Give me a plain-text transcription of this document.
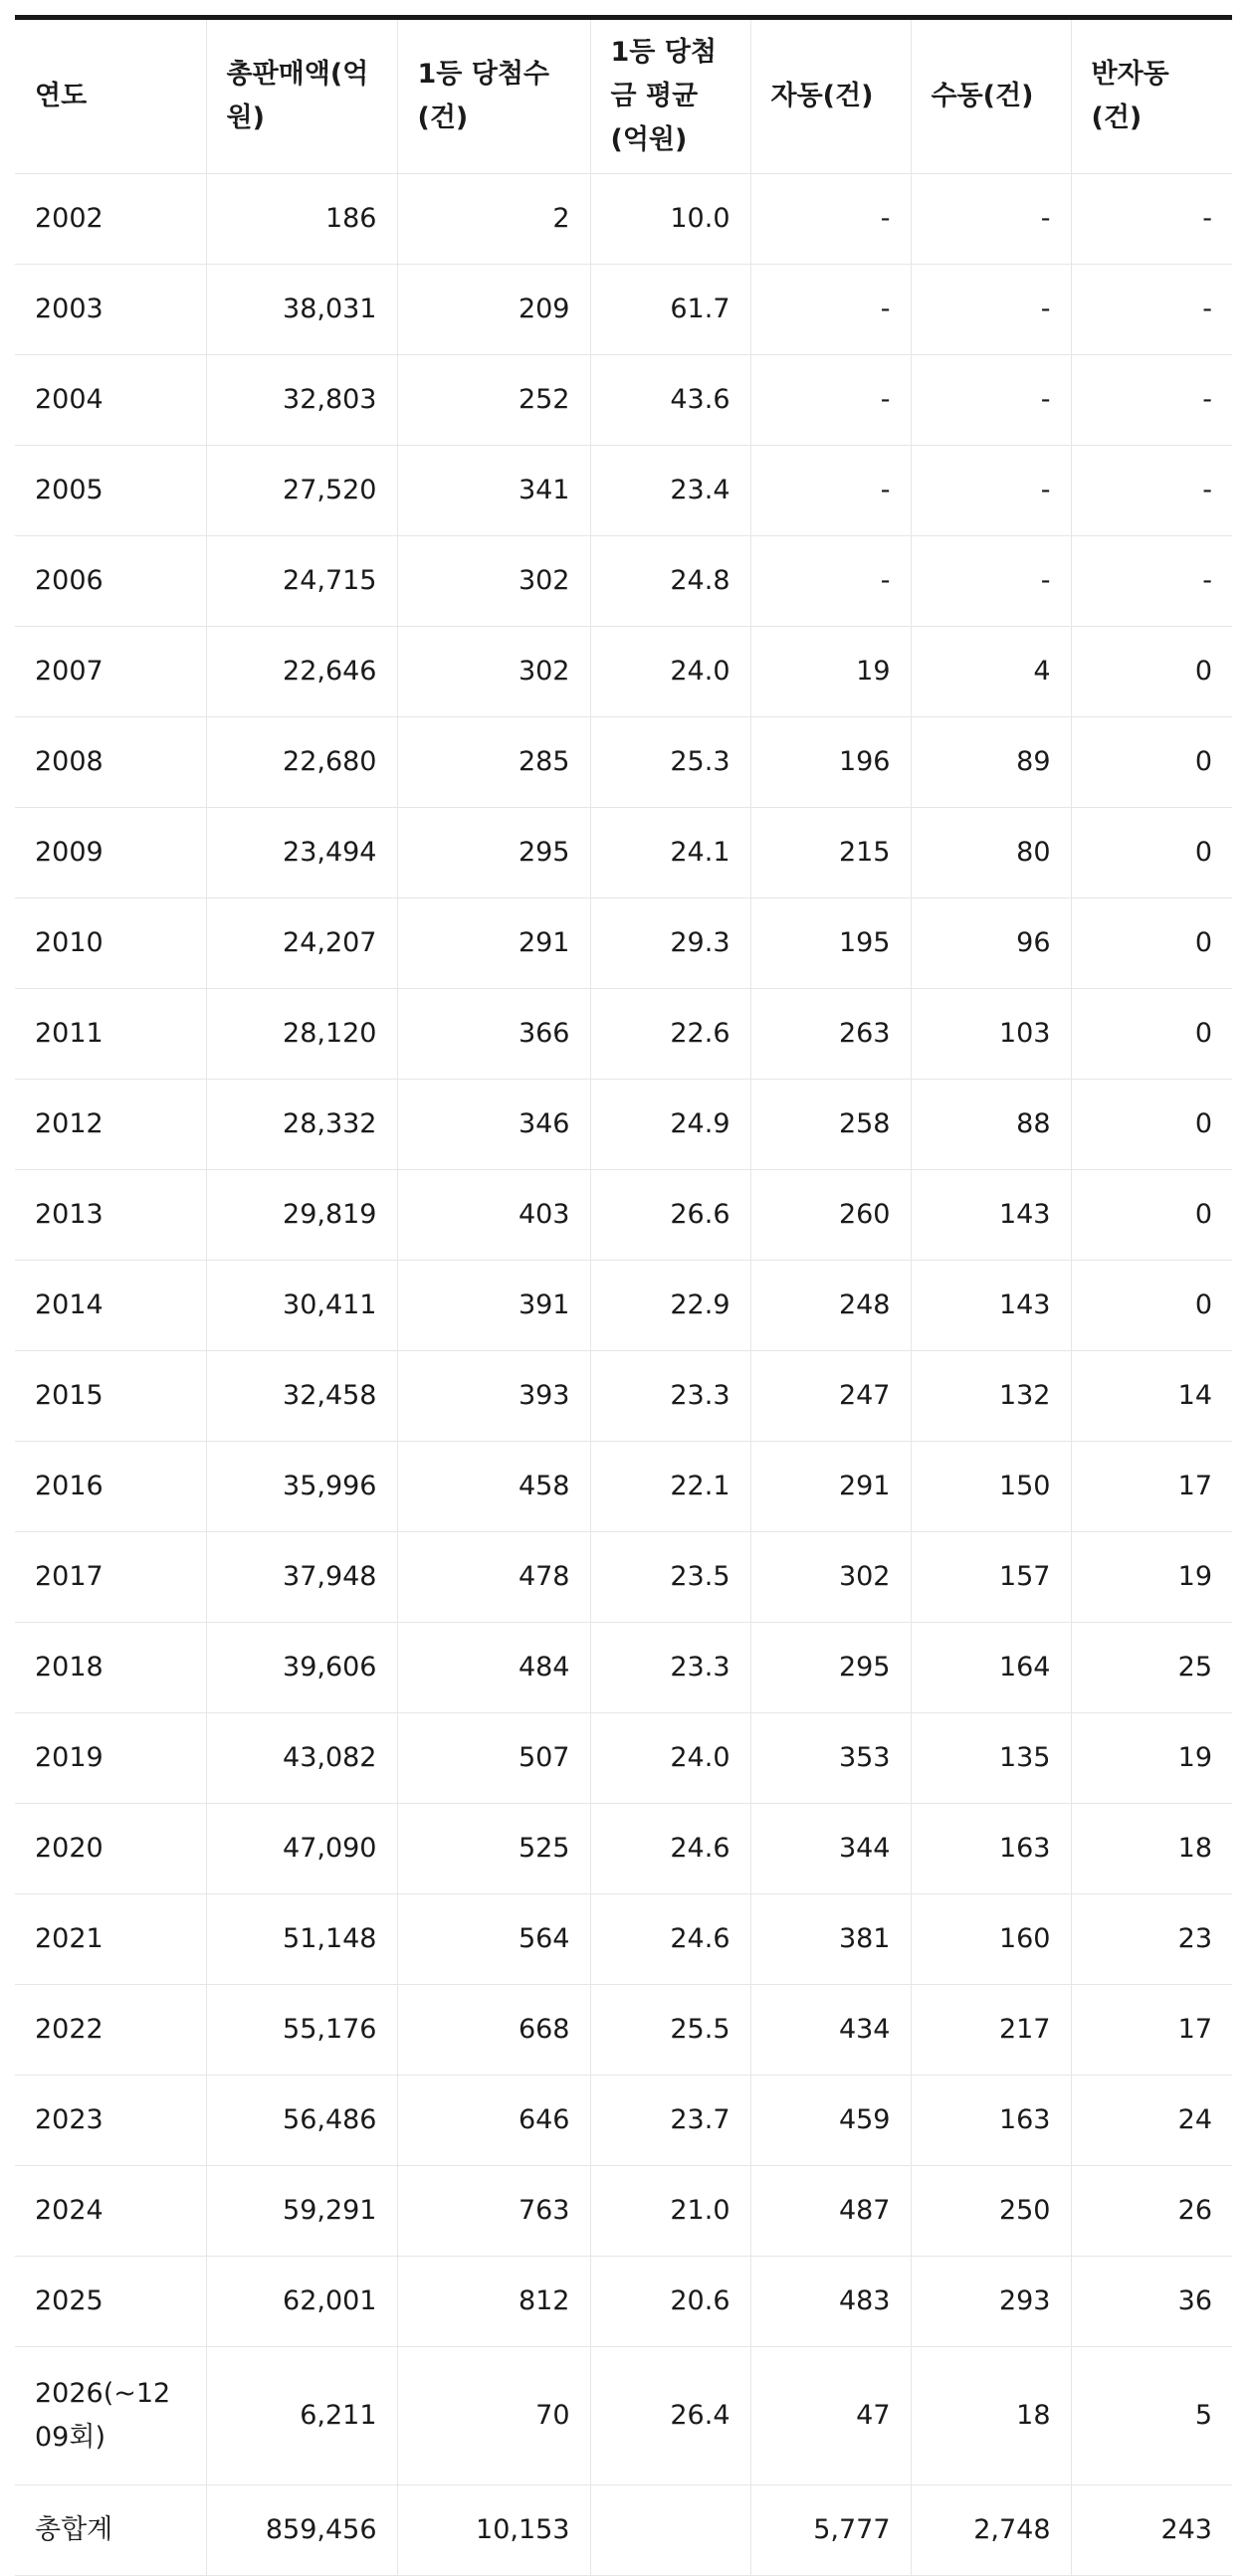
연도	총판매액(억원)	1등 당첨수(건)	1등 당첨금 평균(억원)	자동(건)	수동(건)	반자동(건)
2002	186	2	10.0	-	-	-
2003	38,031	209	61.7	-	-	-
2004	32,803	252	43.6	-	-	-
2005	27,520	341	23.4	-	-	-
2006	24,715	302	24.8	-	-	-
2007	22,646	302	24.0	19	4	0
2008	22,680	285	25.3	196	89	0
2009	23,494	295	24.1	215	80	0
2010	24,207	291	29.3	195	96	0
2011	28,120	366	22.6	263	103	0
2012	28,332	346	24.9	258	88	0
2013	29,819	403	26.6	260	143	0
2014	30,411	391	22.9	248	143	0
2015	32,458	393	23.3	247	132	14
2016	35,996	458	22.1	291	150	17
2017	37,948	478	23.5	302	157	19
2018	39,606	484	23.3	295	164	25
2019	43,082	507	24.0	353	135	19
2020	47,090	525	24.6	344	163	18
2021	51,148	564	24.6	381	160	23
2022	55,176	668	25.5	434	217	17
2023	56,486	646	23.7	459	163	24
2024	59,291	763	21.0	487	250	26
2025	62,001	812	20.6	483	293	36
2026(~1209회)	6,211	70	26.4	47	18	5
총합계	859,456	10,153		5,777	2,748	243
